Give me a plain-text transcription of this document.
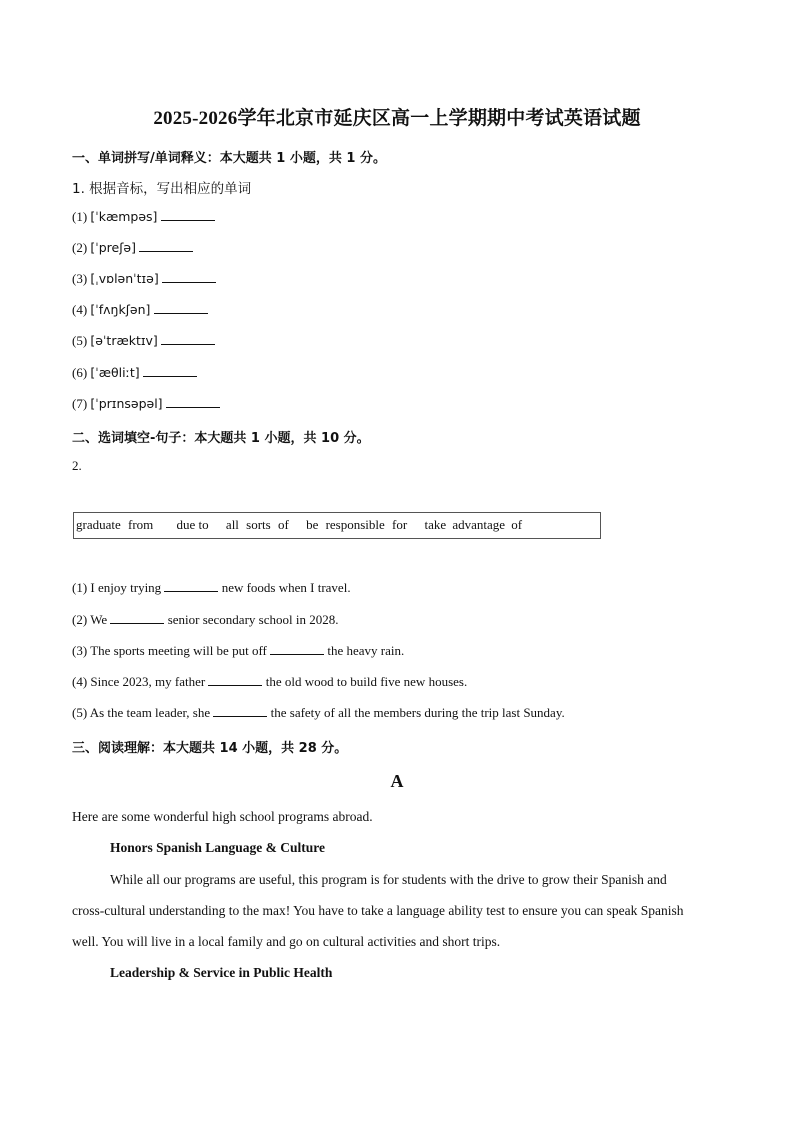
2025-2026学年北京市延庆区高一上学期期中考试英语试题
一、单词拼写/单词释义：本大题共 1 小题，共 1 分。
1. 根据音标，写出相应的单词
(1) [ˈkæmpəs]
(2) [ˈpreʃə]
(3) [ˌvɒlənˈtɪə]
(4) [ˈfʌŋkʃən]
(5) [əˈtræktɪv]
(6) [ˈæθliːt]
(7) [ˈprɪnsəpəl]
二、选词填空-句子：本大题共 1 小题，共 10 分。
2.
graduate from due to all sorts of be responsible for take advantage of
(1) I enjoy trying	new foods when I travel.
(2) We	senior secondary school in 2028.
(3) The sports meeting will be put off	the heavy rain.
(4) Since 2023, my father	the old wood to build five new houses.
(5) As the team leader, she	the safety of all the members during the trip last Sunday.
三、阅读理解：本大题共 14 小题，共 28 分。
A
Here are some wonderful high school programs abroad.
Honors Spanish Language & Culture
While all our programs are useful, this program is for students with the drive to grow their Spanish and
cross-cultural understanding to the max! You have to take a language ability test to ensure you can speak Spanish
well. You will live in a local family and go on cultural activities and short trips.
Leadership & Service in Public Health
